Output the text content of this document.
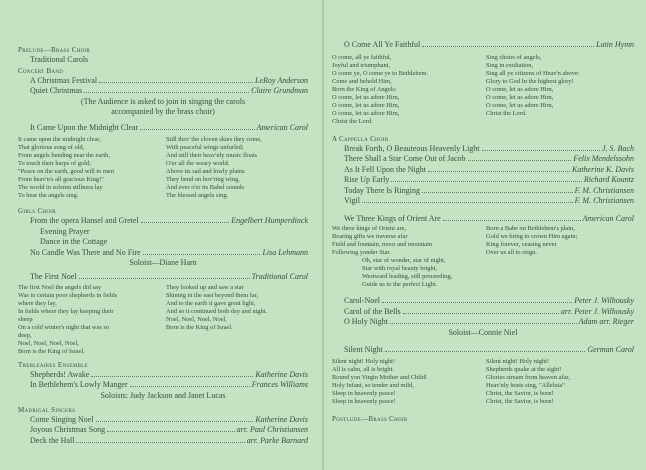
Prelude—Brass Choir
Traditional Carols
Concert Band
A Christmas Festival	LeRoy Anderson
Quiet Christmas	Claire Grundman
(The Audience is asked to join in singing the carols
accompanied by the brass choir)
It Came Upon the Midnight Clear	American Carol
It came upon the midnight clear,
That glorious song of old,
From angels bending near the earth,
To touch their harps of gold;
"Peace on the earth, good will to men
From heav'n's all gracious King!"
The world in solemn stillness lay
To hear the angels sing.
Still thro' the cloven skies they come,
With peaceful wings unfurled;
And still their heav'nly music floats
O'er all the weary world.
Above its sad and lowly plains
They bend on hov'ring wing,
And ever o'er its Babel sounds
The blessed angels sing.
Girls Choir
From the opera Hansel and Gretel	Engelbert Humperdinck
Evening Prayer
Dance in the Cottage
No Candle Was There and No Fire	Lisa Lehmann
Soloist—Diane Harn
The First Noel	Traditional Carol
The first Noel the angels did say
Was to certain poor shepherds in fields
where they lay,
In fields where they lay keeping their
sheep
On a cold winter's night that was so
deep,
Noel, Noel, Noel, Noel,
Born is the King of Israel.
They looked up and saw a star
Shining in the east beyond them far,
And to the earth it gave great light,
And so it continued both day and night.
Noel, Noel, Noel, Noel,
Born is the King of Israel.
Trebleaires Ensemble
Shepherds! Awake	Katherine Davis
In Bethlehem's Lowly Manger	Frances Williams
Soloists: Judy Jackson and Janet Lucas
Madrigal Singers
Come Singing Noel	Katherine Davis
Joyous Christmas Song	arr. Paul Christiansen
Deck the Hall	arr. Parke Barnard
O Come All Ye Faithful	Latin Hymn
O come, all ye faithful,
Joyful and triumphant,
O come ye, O come ye to Bethlehem.
Come and behold Him,
Born the King of Angels:
O come, let us adore Him,
O come, let us adore Him,
O come, let us adore Him,
Christ the Lord.
Sing choirs of angels,
Sing in exultation,
Sing all ye citizens of Heav'n above:
Glory to God In the highest glory!
O come, let us adore Him,
O come, let us adore Him,
O come, let us adore Him,
Christ the Lord.
A Cappella Choir
Break Forth, O Beauteous Heavenly Light	J. S. Bach
There Shall a Star Come Out of Jacob	Felix Mendelssohn
As It Fell Upon the Night	Katherine K. Davis
Rise Up Early	Richard Kountz
Today There Is Ringing	F. M. Christiansen
Vigil	F. M. Christiansen
We Three Kings of Orient Are	American Carol
We three kings of Orient are,
Bearing gifts we traverse afar
Field and fountain, moor and mountain
Following yonder Star.
Born a Babe on Bethlehem's plain,
Gold we bring to crown Him again;
King forever, ceasing never
Over us all to reign.
Oh, star of wonder, star of night,
Star with royal beauty bright,
Westward leading, still proceeding,
Guide us to the perfect Light.
Carol-Noel	Peter J. Wilhousky
Carol of the Bells	arr. Peter J. Wilhousky
O Holy Night	Adam arr. Rieger
Soloist—Connie Niel
Silent Night	German Carol
Silent night! Holy night!
All is calm, all is bright.
Round yon Virgin Mother and Child!
Holy Infant, so tender and mild,
Sleep in heavenly peace!
Sleep in heavenly peace!
Silent night! Holy night!
Shepherds quake at the sight!
Glories stream from heaven afar,
Heav'nly hosts sing, "Alleluia"
Christ, the Savior, is born!
Christ, the Savior, is born!
Postlude—Brass Choir
